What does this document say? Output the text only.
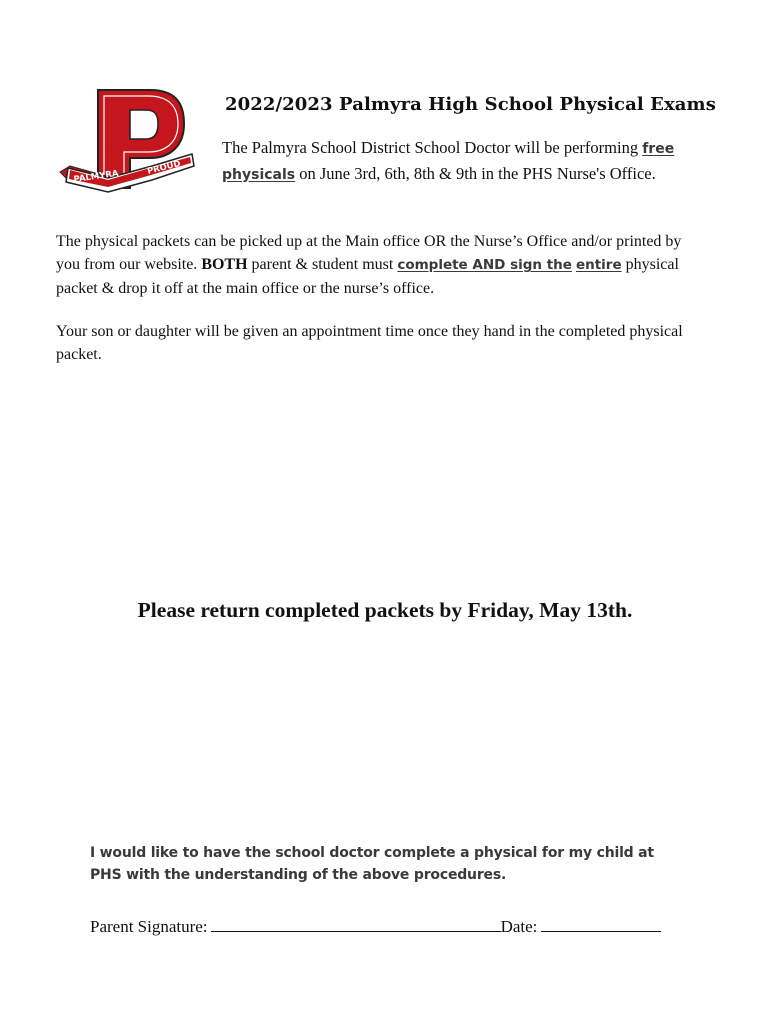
PALMYRA	PROUD
2022/2023 Palmyra High School Physical Exams
The Palmyra School District School Doctor will be performing free physicals on June 3rd, 6th, 8th & 9th in the PHS Nurse's Office.
The physical packets can be picked up at the Main office OR the Nurse’s Office and/or printed by you from our website. BOTH parent & student must complete AND sign the entire physical packet & drop it off at the main office or the nurse’s office.
Your son or daughter will be given an appointment time once they hand in the completed physical packet.
Please return completed packets by Friday, May 13th.
I would like to have the school doctor complete a physical for my child at PHS with the understanding of the above procedures.
Parent Signature:	Date:
